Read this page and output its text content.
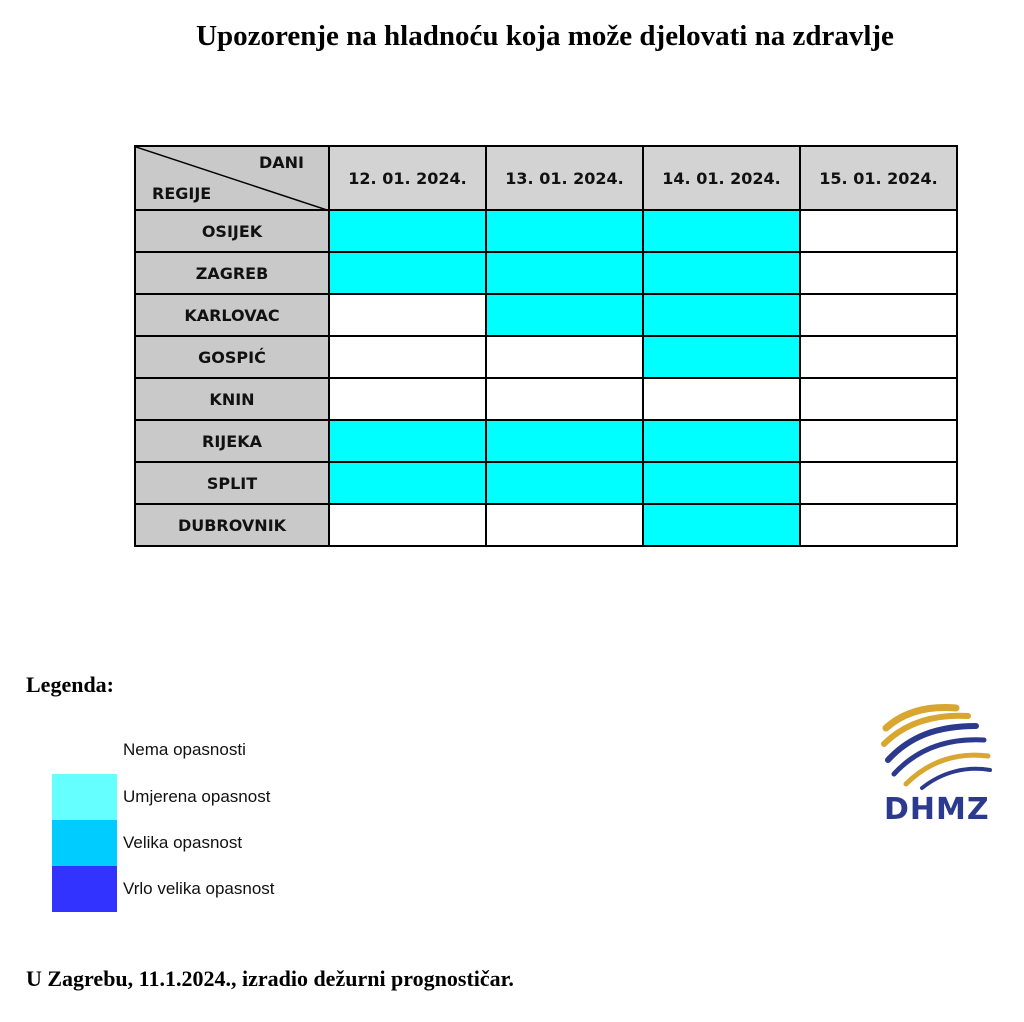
Upozorenje na hladnoću koja može djelovati na zdravlje
DANI
REGIJE	12. 01. 2024.	13. 01. 2024.	14. 01. 2024.	15. 01. 2024.
OSIJEK				
ZAGREB				
KARLOVAC				
GOSPIĆ				
KNIN				
RIJEKA				
SPLIT				
DUBROVNIK				
Legenda:
Nema opasnosti
Umjerena opasnost
Velika opasnost
Vrlo velika opasnost
DHMZ

U Zagrebu, 11.1.2024., izradio dežurni prognostičar.
